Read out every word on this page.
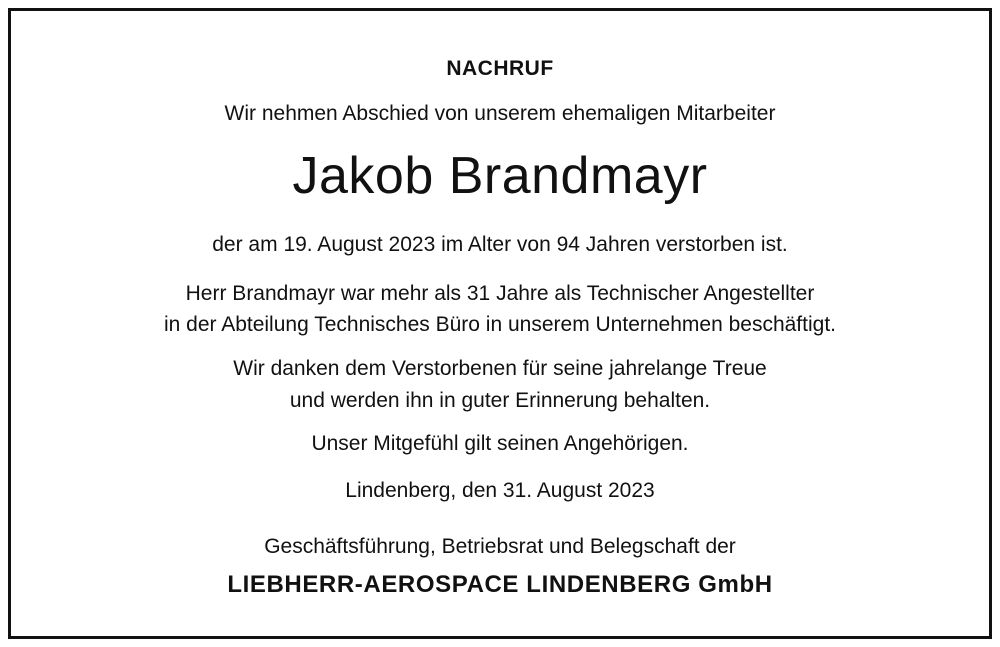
NACHRUF
Wir nehmen Abschied von unserem ehemaligen Mitarbeiter
Jakob Brandmayr
der am 19. August 2023 im Alter von 94 Jahren verstorben ist.
Herr Brandmayr war mehr als 31 Jahre als Technischer Angestellter
in der Abteilung Technisches Büro in unserem Unternehmen beschäftigt.
Wir danken dem Verstorbenen für seine jahrelange Treue
und werden ihn in guter Erinnerung behalten.
Unser Mitgefühl gilt seinen Angehörigen.
Lindenberg, den 31. August 2023
Geschäftsführung, Betriebsrat und Belegschaft der
LIEBHERR-AEROSPACE LINDENBERG GmbH
